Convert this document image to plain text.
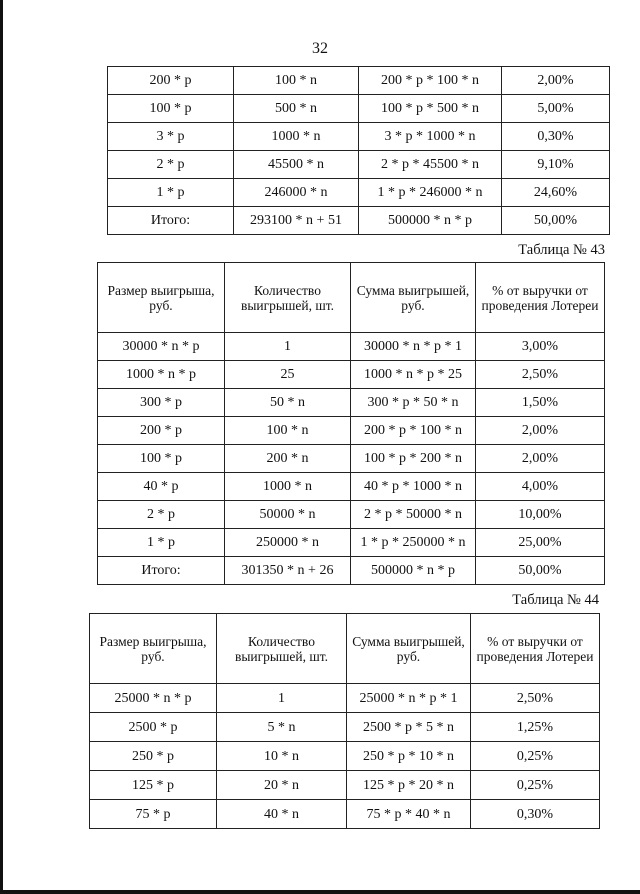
32
200 * р	100 * n	200 * р * 100 * n	2,00%
100 * р	500 * n	100 * р * 500 * n	5,00%
3 * р	1000 * n	3 * р * 1000 * n	0,30%
2 * р	45500 * n	2 * р * 45500 * n	9,10%
1 * р	246000 * n	1 * р * 246000 * n	24,60%
Итого:	293100 * n + 51	500000 * n * р	50,00%
Таблица № 43
Размер выигрыша, руб.	Количество выигрышей, шт.	Сумма выигрышей, руб.	% от выручки от проведения Лотереи
30000 * n * р	1	30000 * n * р * 1	3,00%
1000 * n * р	25	1000 * n * р * 25	2,50%
300 * р	50 * n	300 * р * 50 * n	1,50%
200 * р	100 * n	200 * р * 100 * n	2,00%
100 * р	200 * n	100 * р * 200 * n	2,00%
40 * р	1000 * n	40 * р * 1000 * n	4,00%
2 * р	50000 * n	2 * р * 50000 * n	10,00%
1 * р	250000 * n	1 * р * 250000 * n	25,00%
Итого:	301350 * n + 26	500000 * n * р	50,00%
Таблица № 44
Размер выигрыша, руб.	Количество выигрышей, шт.	Сумма выигрышей, руб.	% от выручки от проведения Лотереи
25000 * n * р	1	25000 * n * р * 1	2,50%
2500 * р	5 * n	2500 * р * 5 * n	1,25%
250 * р	10 * n	250 * р * 10 * n	0,25%
125 * р	20 * n	125 * р * 20 * n	0,25%
75 * р	40 * n	75 * р * 40 * n	0,30%
